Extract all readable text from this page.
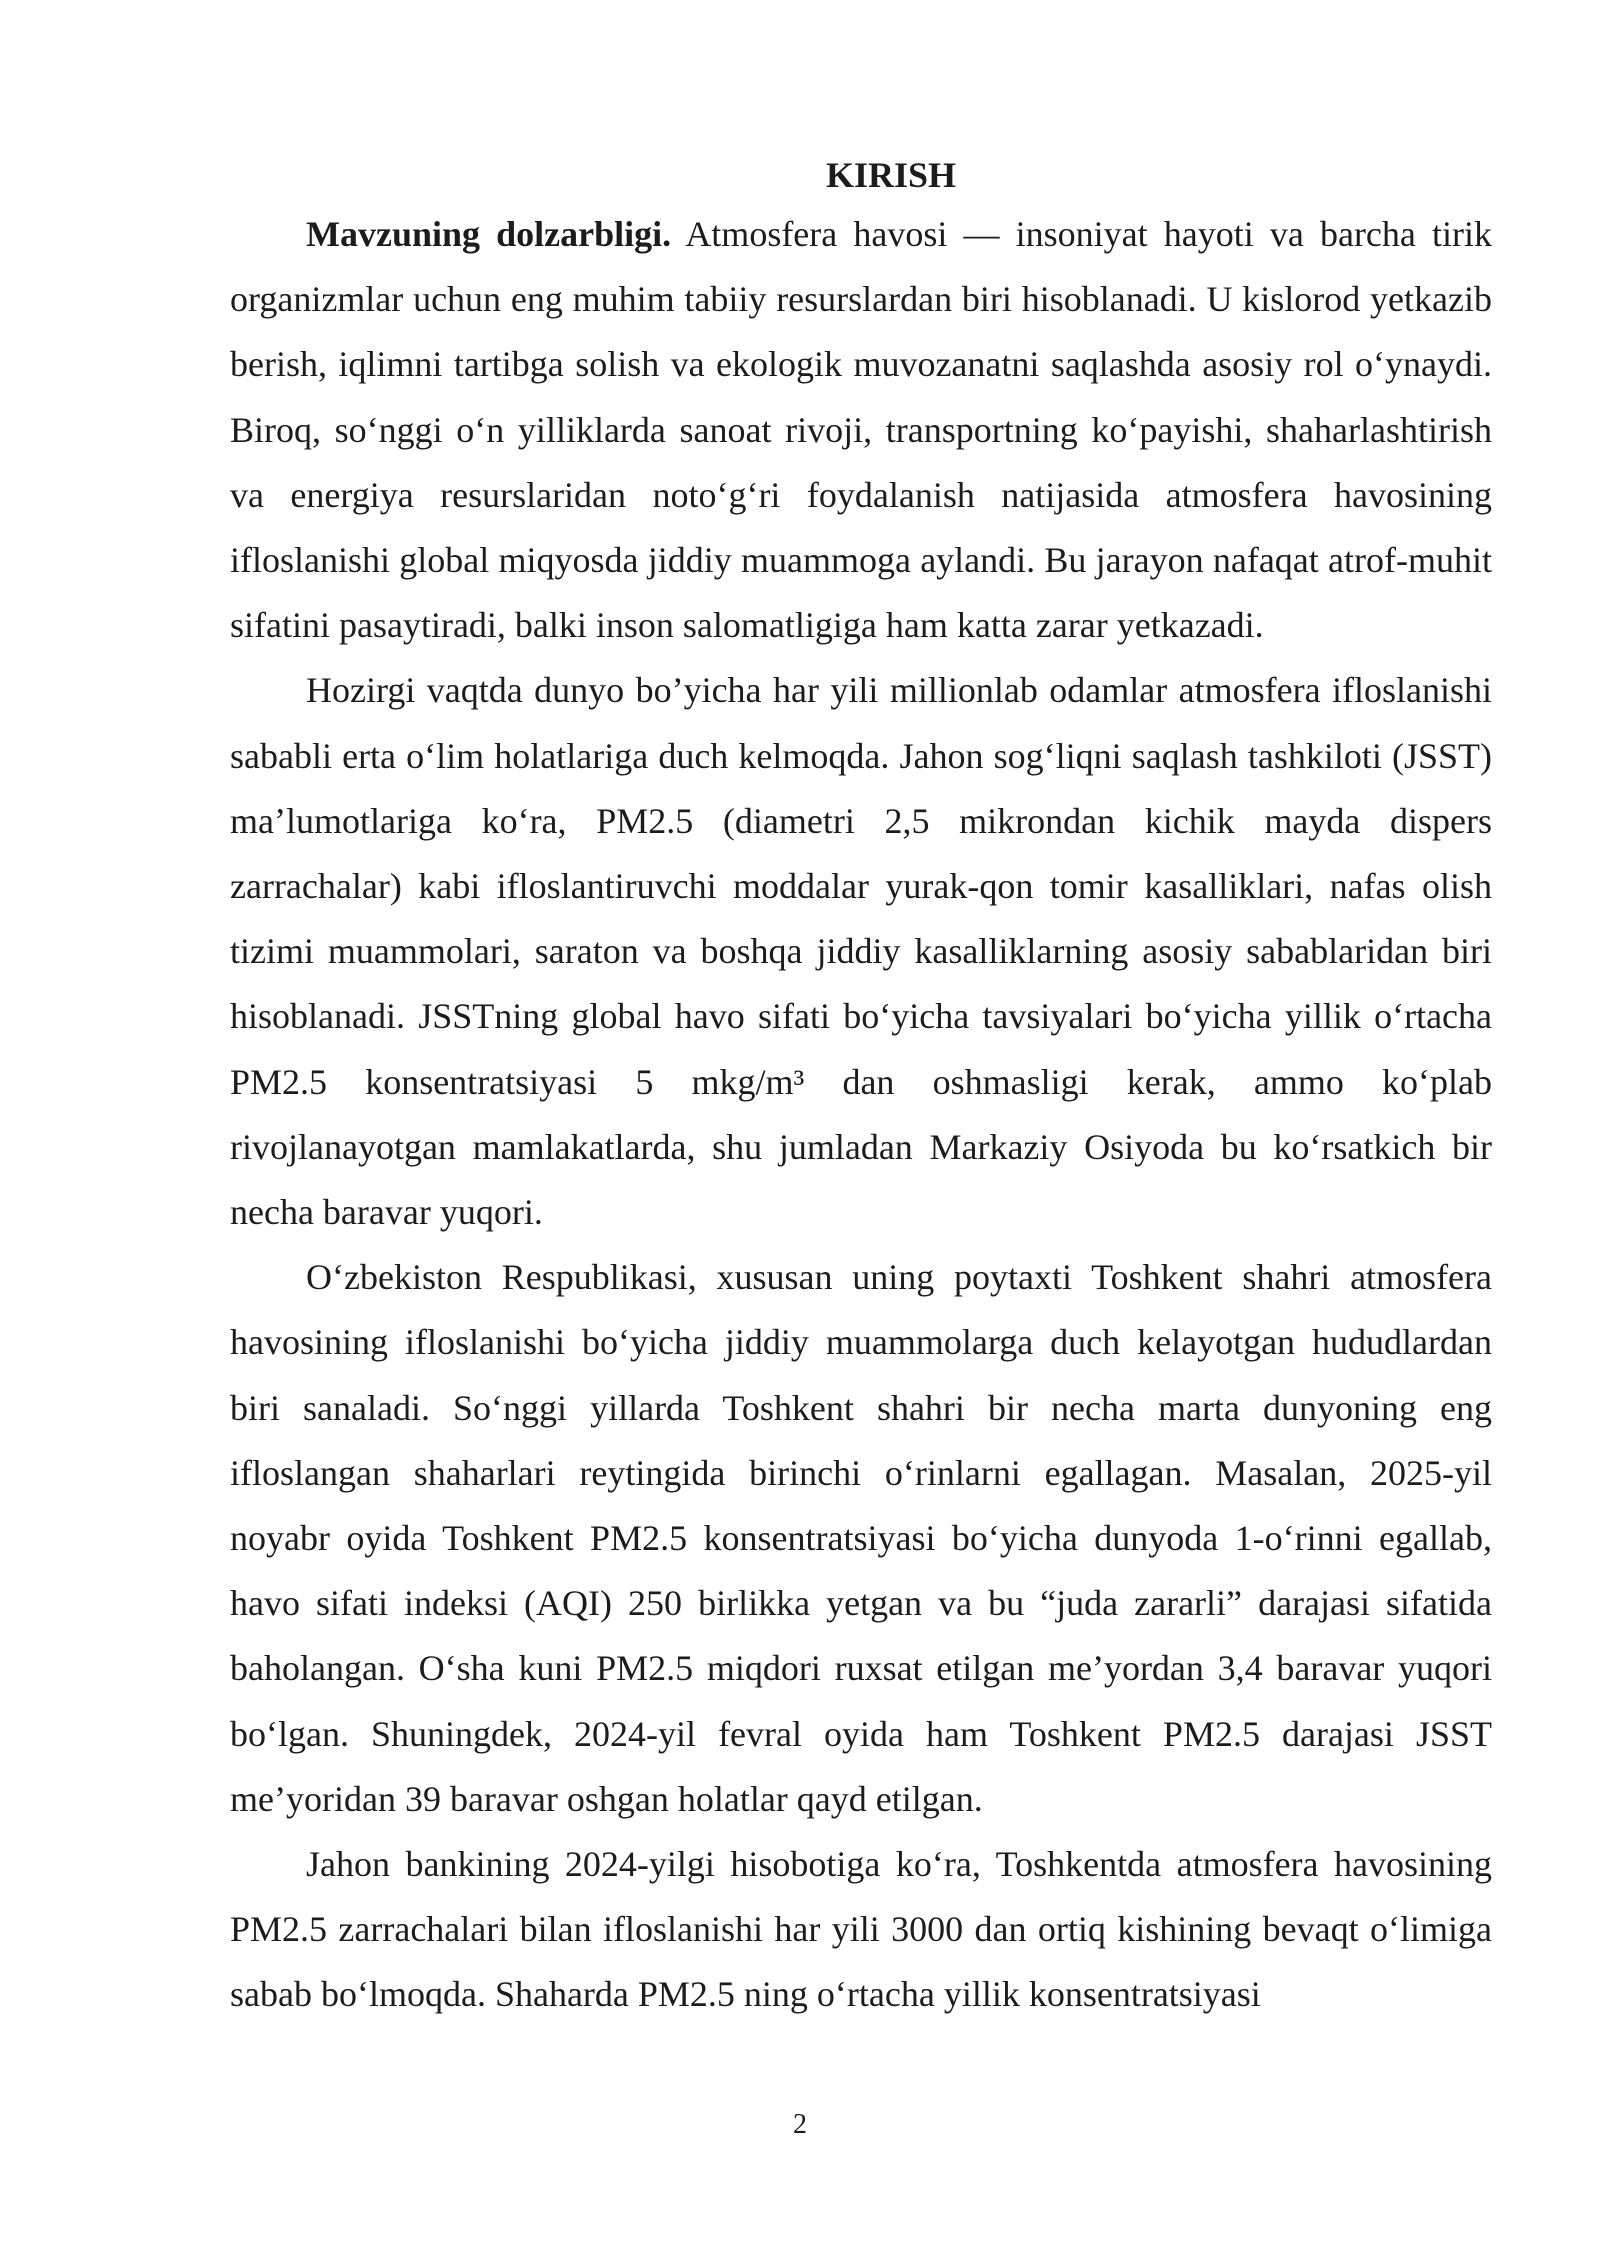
KIRISH

Mavzuning dolzarbligi. Atmosfera havosi — insoniyat hayoti va barcha tirik organizmlar uchun eng muhim tabiiy resurslardan biri hisoblanadi. U kislorod yetkazib berish, iqlimni tartibga solish va ekologik muvozanatni saqlashda asosiy rol oʻynaydi. Biroq, soʻnggi oʻn yilliklarda sanoat rivoji, transportning koʻpayishi, shaharlashtirish va energiya resurslaridan notoʻgʻri foydalanish natijasida atmosfera havosining ifloslanishi global miqyosda jiddiy muammoga aylandi. Bu jarayon nafaqat atrof-muhit sifatini pasaytiradi, balki inson salomatligiga ham katta zarar yetkazadi.

Hozirgi vaqtda dunyo bo’yicha har yili millionlab odamlar atmosfera ifloslanishi sababli erta oʻlim holatlariga duch kelmoqda. Jahon sogʻliqni saqlash tashkiloti (JSST) maʼlumotlariga koʻra, PM2.5 (diametri 2,5 mikrondan kichik mayda dispers zarrachalar) kabi ifloslantiruvchi moddalar yurak-qon tomir kasalliklari, nafas olish tizimi muammolari, saraton va boshqa jiddiy kasalliklarning asosiy sabablaridan biri hisoblanadi. JSSTning global havo sifati boʻyicha tavsiyalari boʻyicha yillik oʻrtacha PM2.5 konsentratsiyasi 5 mkg/m³ dan oshmasligi kerak, ammo koʻplab rivojlanayotgan mamlakatlarda, shu jumladan Markaziy Osiyoda bu koʻrsatkich bir necha baravar yuqori.

Oʻzbekiston Respublikasi, xususan uning poytaxti Toshkent shahri atmosfera havosining ifloslanishi boʻyicha jiddiy muammolarga duch kelayotgan hududlardan biri sanaladi. Soʻnggi yillarda Toshkent shahri bir necha marta dunyoning eng ifloslangan shaharlari reytingida birinchi oʻrinlarni egallagan. Masalan, 2025-yil noyabr oyida Toshkent PM2.5 konsentratsiyasi boʻyicha dunyoda 1-oʻrinni egallab, havo sifati indeksi (AQI) 250 birlikka yetgan va bu “juda zararli” darajasi sifatida baholangan. Oʻsha kuni PM2.5 miqdori ruxsat etilgan me’yordan 3,4 baravar yuqori boʻlgan. Shuningdek, 2024-yil fevral oyida ham Toshkent PM2.5 darajasi JSST me’yoridan 39 baravar oshgan holatlar qayd etilgan.

Jahon bankining 2024-yilgi hisobotiga koʻra, Toshkentda atmosfera havosining PM2.5 zarrachalari bilan ifloslanishi har yili 3000 dan ortiq kishining bevaqt oʻlimiga sabab boʻlmoqda. Shaharda PM2.5 ning oʻrtacha yillik konsentratsiyasi

2
